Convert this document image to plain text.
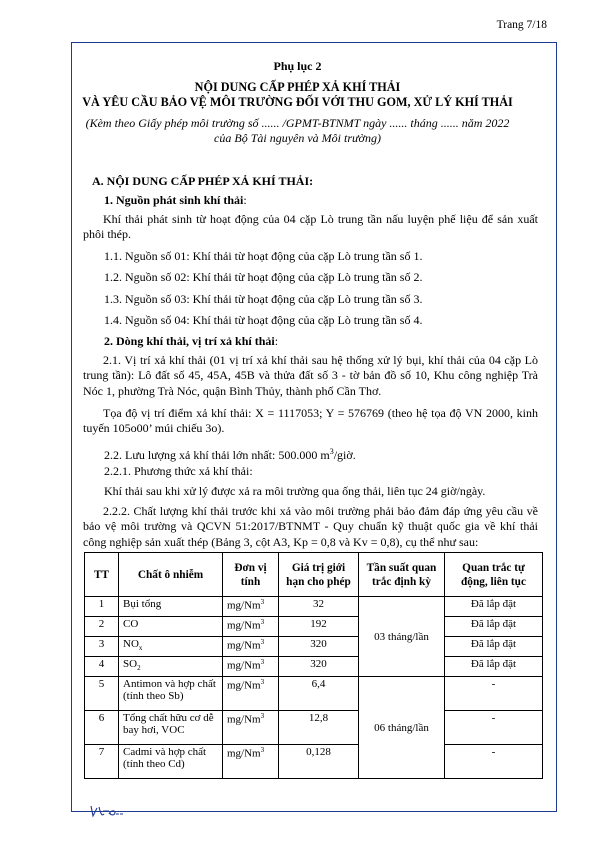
Trang 7/18
Phụ lục 2
NỘI DUNG CẤP PHÉP XẢ KHÍ THẢI
VÀ YÊU CẦU BẢO VỆ MÔI TRƯỜNG ĐỐI VỚI THU GOM, XỬ LÝ KHÍ THẢI
(Kèm theo Giấy phép môi trường số ...... /GPMT-BTNMT ngày ...... tháng ...... năm 2022
của Bộ Tài nguyên và Môi trường)
A. NỘI DUNG CẤP PHÉP XẢ KHÍ THẢI:
1. Nguồn phát sinh khí thải:
Khí thải phát sinh từ hoạt động của 04 cặp Lò trung tần nấu luyện phế liệu để sản xuất phôi thép.
1.1. Nguồn số 01: Khí thải từ hoạt động của cặp Lò trung tần số 1.
1.2. Nguồn số 02: Khí thải từ hoạt động của cặp Lò trung tần số 2.
1.3. Nguồn số 03: Khí thải từ hoạt động của cặp Lò trung tần số 3.
1.4. Nguồn số 04: Khí thải từ hoạt động của cặp Lò trung tần số 4.
2. Dòng khí thải, vị trí xả khí thải:
2.1. Vị trí xả khí thải (01 vị trí xả khí thải sau hệ thống xử lý bụi, khí thải của 04 cặp Lò trung tần): Lô đất số 45, 45A, 45B và thửa đất số 3 - tờ bản đồ số 10, Khu công nghiệp Trà Nóc 1, phường Trà Nóc, quận Bình Thủy, thành phố Cần Thơ.
Tọa độ vị trí điểm xả khí thải: X = 1117053; Y = 576769 (theo hệ tọa độ VN 2000, kinh tuyến 105o00’ múi chiếu 3o).
2.2. Lưu lượng xả khí thải lớn nhất: 500.000 $m^3$/giờ.
2.2.1. Phương thức xả khí thải:
Khí thải sau khi xử lý được xả ra môi trường qua ống thải, liên tục 24 giờ/ngày.
2.2.2. Chất lượng khí thải trước khi xả vào môi trường phải bảo đảm đáp ứng yêu cầu về bảo vệ môi trường và QCVN 51:2017/BTNMT - Quy chuẩn kỹ thuật quốc gia về khí thải công nghiệp sản xuất thép (Bảng 3, cột A3, Kp = 0,8 và Kv = 0,8), cụ thể như sau:
TT	Chất ô nhiễm	Đơn vị tính	Giá trị giới hạn cho phép	Tần suất quan trắc định kỳ	Quan trắc tự động, liên tục
1	Bụi tổng	mg/Nm$^3$	32	03 tháng/lần	Đã lắp đặt
2	CO	mg/Nm$^3$	192		Đã lắp đặt
3	$NO_x$	mg/Nm$^3$	320		Đã lắp đặt
4	$SO_2$	mg/Nm$^3$	320		Đã lắp đặt
5	Antimon và hợp chất (tính theo Sb)	mg/Nm$^3$	6,4	06 tháng/lần	-
6	Tổng chất hữu cơ dễ bay hơi, VOC	mg/Nm$^3$	12,8		-
7	Cadmi và hợp chất (tính theo Cd)	mg/Nm$^3$	0,128		-
